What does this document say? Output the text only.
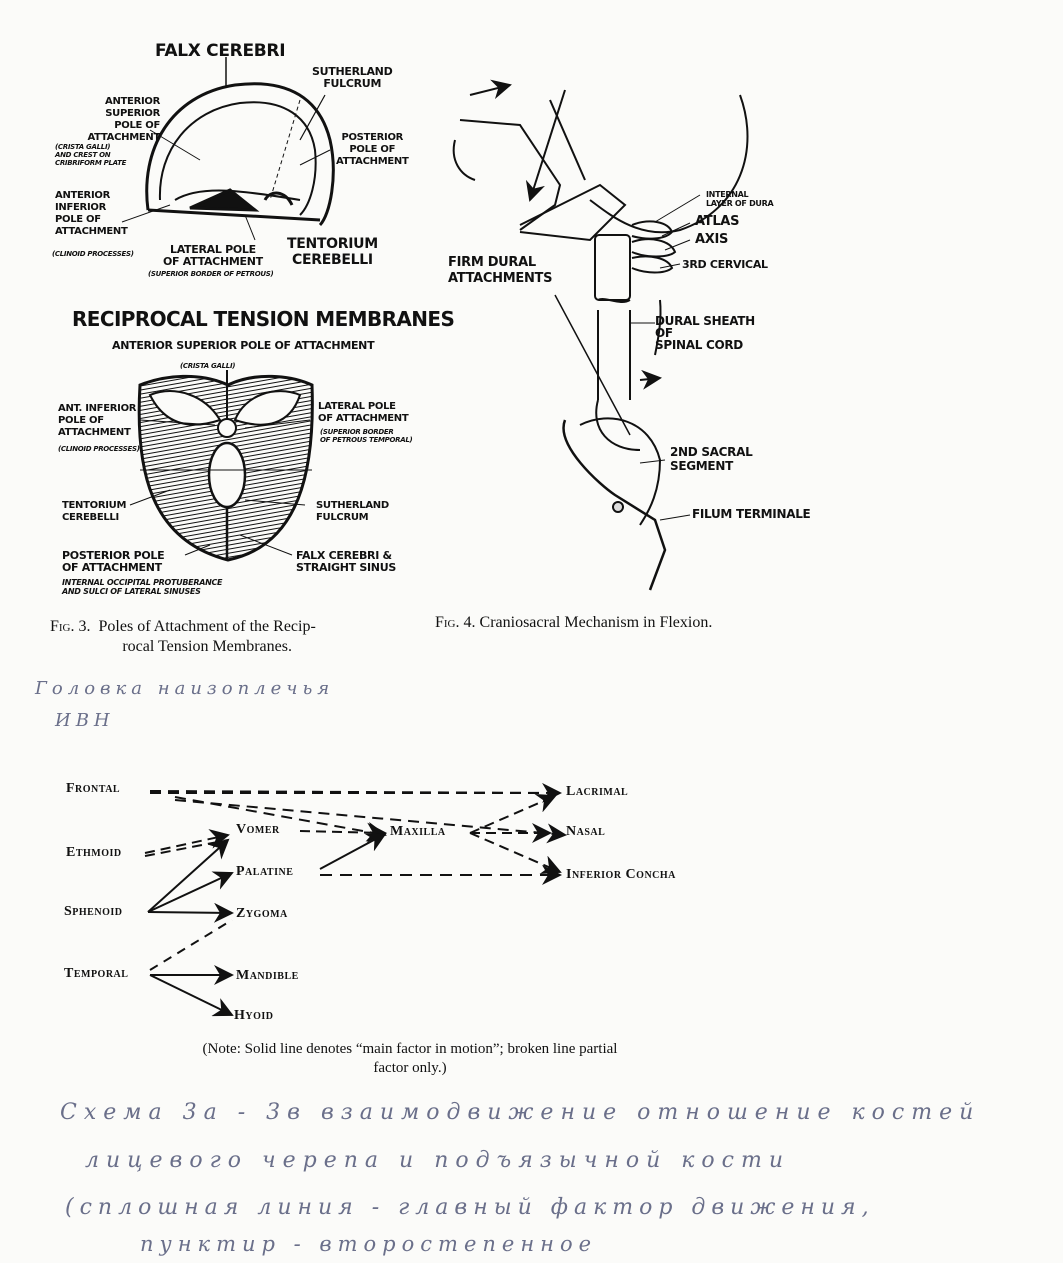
FALX CEREBRI
SUTHERLAND
FULCRUM
ANTERIOR SUPERIOR
POLE OF
ATTACHMENT
(CRISTA GALLI)
AND CREST ON
CRIBRIFORM PLATE
POSTERIOR
POLE OF
ATTACHMENT
ANTERIOR
INFERIOR
POLE OF
ATTACHMENT
(CLINOID PROCESSES)	LATERAL POLE
OF ATTACHMENT
(SUPERIOR BORDER OF PETROUS)
TENTORIUM
CEREBELLI
RECIPROCAL TENSION MEMBRANES
ANTERIOR SUPERIOR POLE OF ATTACHMENT
(CRISTA GALLI)
ANT. INFERIOR
POLE OF
ATTACHMENT
(CLINOID PROCESSES)
LATERAL POLE
OF ATTACHMENT
(SUPERIOR BORDER
OF PETROUS TEMPORAL)
TENTORIUM
CEREBELLI
SUTHERLAND
FULCRUM
POSTERIOR POLE
OF ATTACHMENT
INTERNAL OCCIPITAL PROTUBERANCE
AND SULCI OF LATERAL SINUSES
FALX CEREBRI &
STRAIGHT SINUS
Fig. 3. Poles of Attachment of the Recip-
rocal Tension Membranes.
INTERNAL
LAYER OF DURA
ATLAS
AXIS
3RD CERVICAL
FIRM DURAL
ATTACHMENTS
DURAL SHEATH
OF
SPINAL CORD
2ND SACRAL
SEGMENT
FILUM TERMINALE
Fig. 4. Craniosacral Mechanism in Flexion.
Головка наизоплечья
ИВН
Frontal
Ethmoid
Sphenoid
Temporal
Vomer
Palatine
Zygoma
Mandible
Hyoid
Maxilla
Lacrimal
Nasal
Inferior Concha
(Note: Solid line denotes “main factor in motion”; broken line partial
factor only.)
Схема 3а - 3в взаимодвижение отношение костей
лицевого черепа и подъязычной кости
(сплошная линия - главный фактор движения,
пунктир - второстепенное
